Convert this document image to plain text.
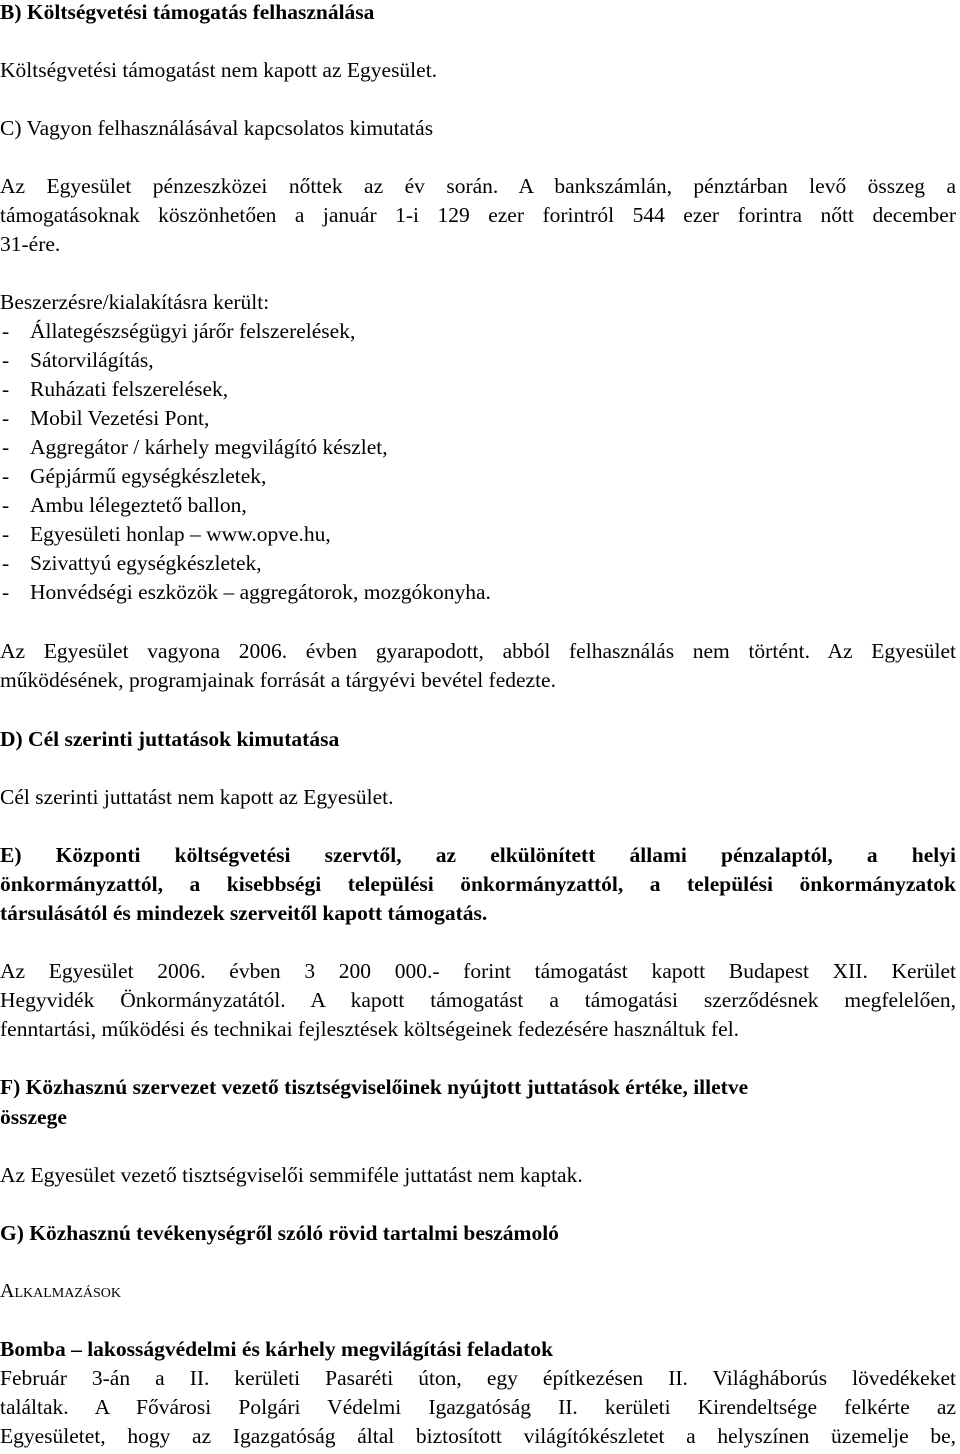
B) Költségvetési támogatás felhasználása
Költségvetési támogatást nem kapott az Egyesület.
C) Vagyon felhasználásával kapcsolatos kimutatás
Az Egyesület pénzeszközei nőttek az év során. A bankszámlán, pénztárban levő összeg a
támogatásoknak köszönhetően a január 1-i 129 ezer forintról 544 ezer forintra nőtt december
31-ére.
Beszerzésre/kialakításra került:
- Állategészségügyi járőr felszerelések,
- Sátorvilágítás,
- Ruházati felszerelések,
- Mobil Vezetési Pont,
- Aggregátor / kárhely megvilágító készlet,
- Gépjármű egységkészletek,
- Ambu lélegeztető ballon,
- Egyesületi honlap – www.opve.hu,
- Szivattyú egységkészletek,
- Honvédségi eszközök – aggregátorok, mozgókonyha.
Az Egyesület vagyona 2006. évben gyarapodott, abból felhasználás nem történt. Az Egyesület
működésének, programjainak forrását a tárgyévi bevétel fedezte.
D) Cél szerinti juttatások kimutatása
Cél szerinti juttatást nem kapott az Egyesület.
E) Központi költségvetési szervtől, az elkülönített állami pénzalaptól, a helyi
önkormányzattól, a kisebbségi települési önkormányzattól, a települési önkormányzatok
társulásától és mindezek szerveitől kapott támogatás.
Az Egyesület 2006. évben 3 200 000.- forint támogatást kapott Budapest XII. Kerület
Hegyvidék Önkormányzatától. A kapott támogatást a támogatási szerződésnek megfelelően,
fenntartási, működési és technikai fejlesztések költségeinek fedezésére használtuk fel.
F) Közhasznú szervezet vezető tisztségviselőinek nyújtott juttatások értéke, illetve
összege
Az Egyesület vezető tisztségviselői semmiféle juttatást nem kaptak.
G) Közhasznú tevékenységről szóló rövid tartalmi beszámoló
Alkalmazások
Bomba – lakosságvédelmi és kárhely megvilágítási feladatok
Február 3-án a II. kerületi Pasaréti úton, egy építkezésen II. Világháborús lövedékeket
találtak. A Fővárosi Polgári Védelmi Igazgatóság II. kerületi Kirendeltsége felkérte az
Egyesületet, hogy az Igazgatóság által biztosított világítókészletet a helyszínen üzemelje be,
